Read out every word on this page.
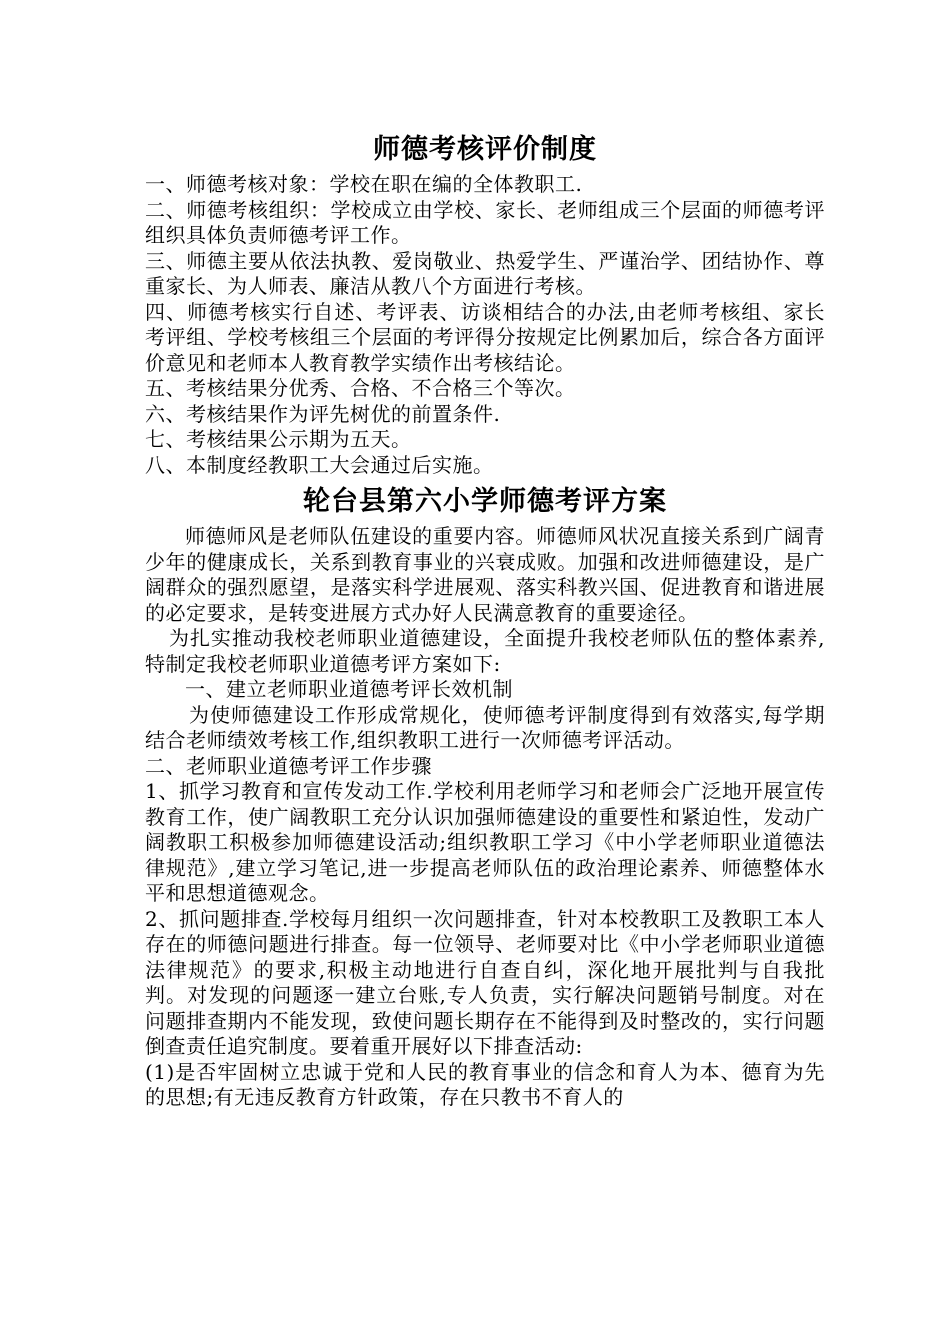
师德考核评价制度

一、师德考核对象：学校在职在编的全体教职工.

二、师德考核组织：学校成立由学校、家长、老师组成三个层面的师德考评组织具体负责师德考评工作。

三、师德主要从依法执教、爱岗敬业、热爱学生、严谨治学、团结协作、尊重家长、为人师表、廉洁从教八个方面进行考核。

四、师德考核实行自述、考评表、访谈相结合的办法,由老师考核组、家长考评组、学校考核组三个层面的考评得分按规定比例累加后，综合各方面评价意见和老师本人教育教学实绩作出考核结论。

五、考核结果分优秀、合格、不合格三个等次。

六、考核结果作为评先树优的前置条件.

七、考核结果公示期为五天。

八、本制度经教职工大会通过后实施。

轮台县第六小学师德考评方案

师德师风是老师队伍建设的重要内容。师德师风状况直接关系到广阔青少年的健康成长，关系到教育事业的兴衰成败。加强和改进师德建设，是广阔群众的强烈愿望，是落实科学进展观、落实科教兴国、促进教育和谐进展的必定要求，是转变进展方式办好人民满意教育的重要途径。

为扎实推动我校老师职业道德建设，全面提升我校老师队伍的整体素养,特制定我校老师职业道德考评方案如下:

一、建立老师职业道德考评长效机制

为使师德建设工作形成常规化，使师德考评制度得到有效落实,每学期结合老师绩效考核工作,组织教职工进行一次师德考评活动。

二、老师职业道德考评工作步骤

1、抓学习教育和宣传发动工作.学校利用老师学习和老师会广泛地开展宣传教育工作，使广阔教职工充分认识加强师德建设的重要性和紧迫性，发动广阔教职工积极参加师德建设活动;组织教职工学习《中小学老师职业道德法律规范》,建立学习笔记,进一步提高老师队伍的政治理论素养、师德整体水平和思想道德观念。

2、抓问题排查.学校每月组织一次问题排查，针对本校教职工及教职工本人存在的师德问题进行排查。每一位领导、老师要对比《中小学老师职业道德法律规范》的要求,积极主动地进行自查自纠，深化地开展批判与自我批判。对发现的问题逐一建立台账,专人负责，实行解决问题销号制度。对在问题排查期内不能发现，致使问题长期存在不能得到及时整改的，实行问题倒查责任追究制度。要着重开展好以下排查活动:

(1)是否牢固树立忠诚于党和人民的教育事业的信念和育人为本、德育为先的思想;有无违反教育方针政策，存在只教书不育人的
